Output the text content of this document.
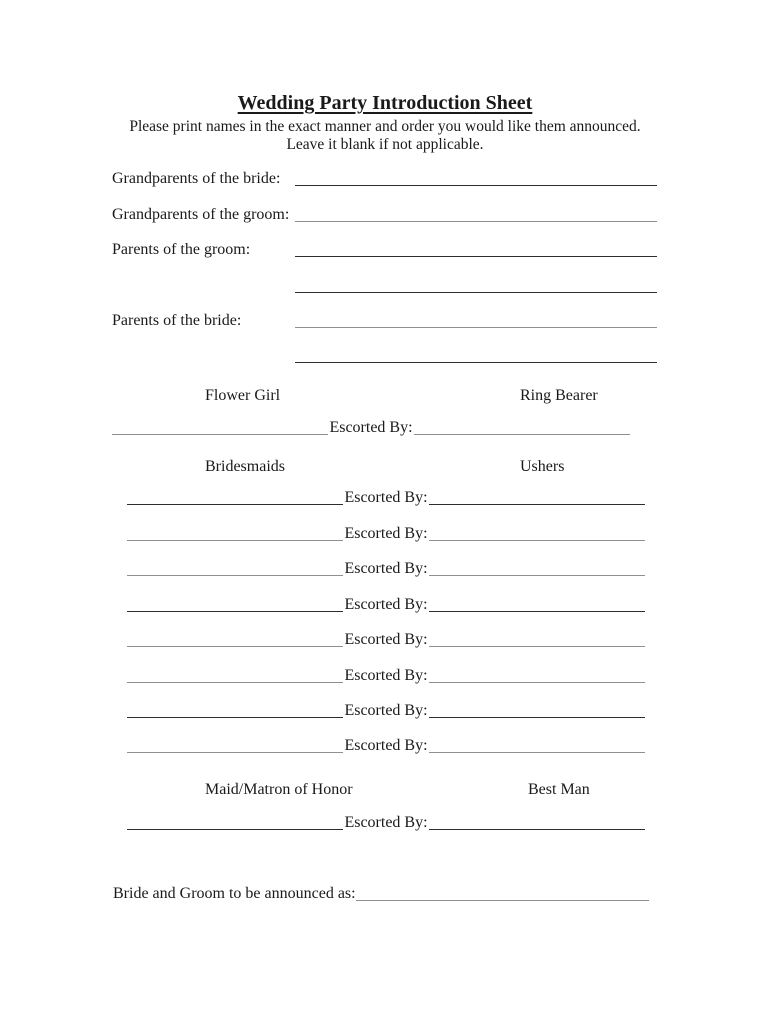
Wedding Party Introduction Sheet
Please print names in the exact manner and order you would like them announced.
Leave it blank if not applicable.
Grandparents of the bride:
Grandparents of the groom:
Parents of the groom:
Parents of the bride:
Flower Girl	Ring Bearer
Escorted By:
Bridesmaids	Ushers
Escorted By:
Escorted By:
Escorted By:
Escorted By:
Escorted By:
Escorted By:
Escorted By:
Escorted By:
Maid/Matron of Honor	Best Man
Escorted By:
Bride and Groom to be announced as:
